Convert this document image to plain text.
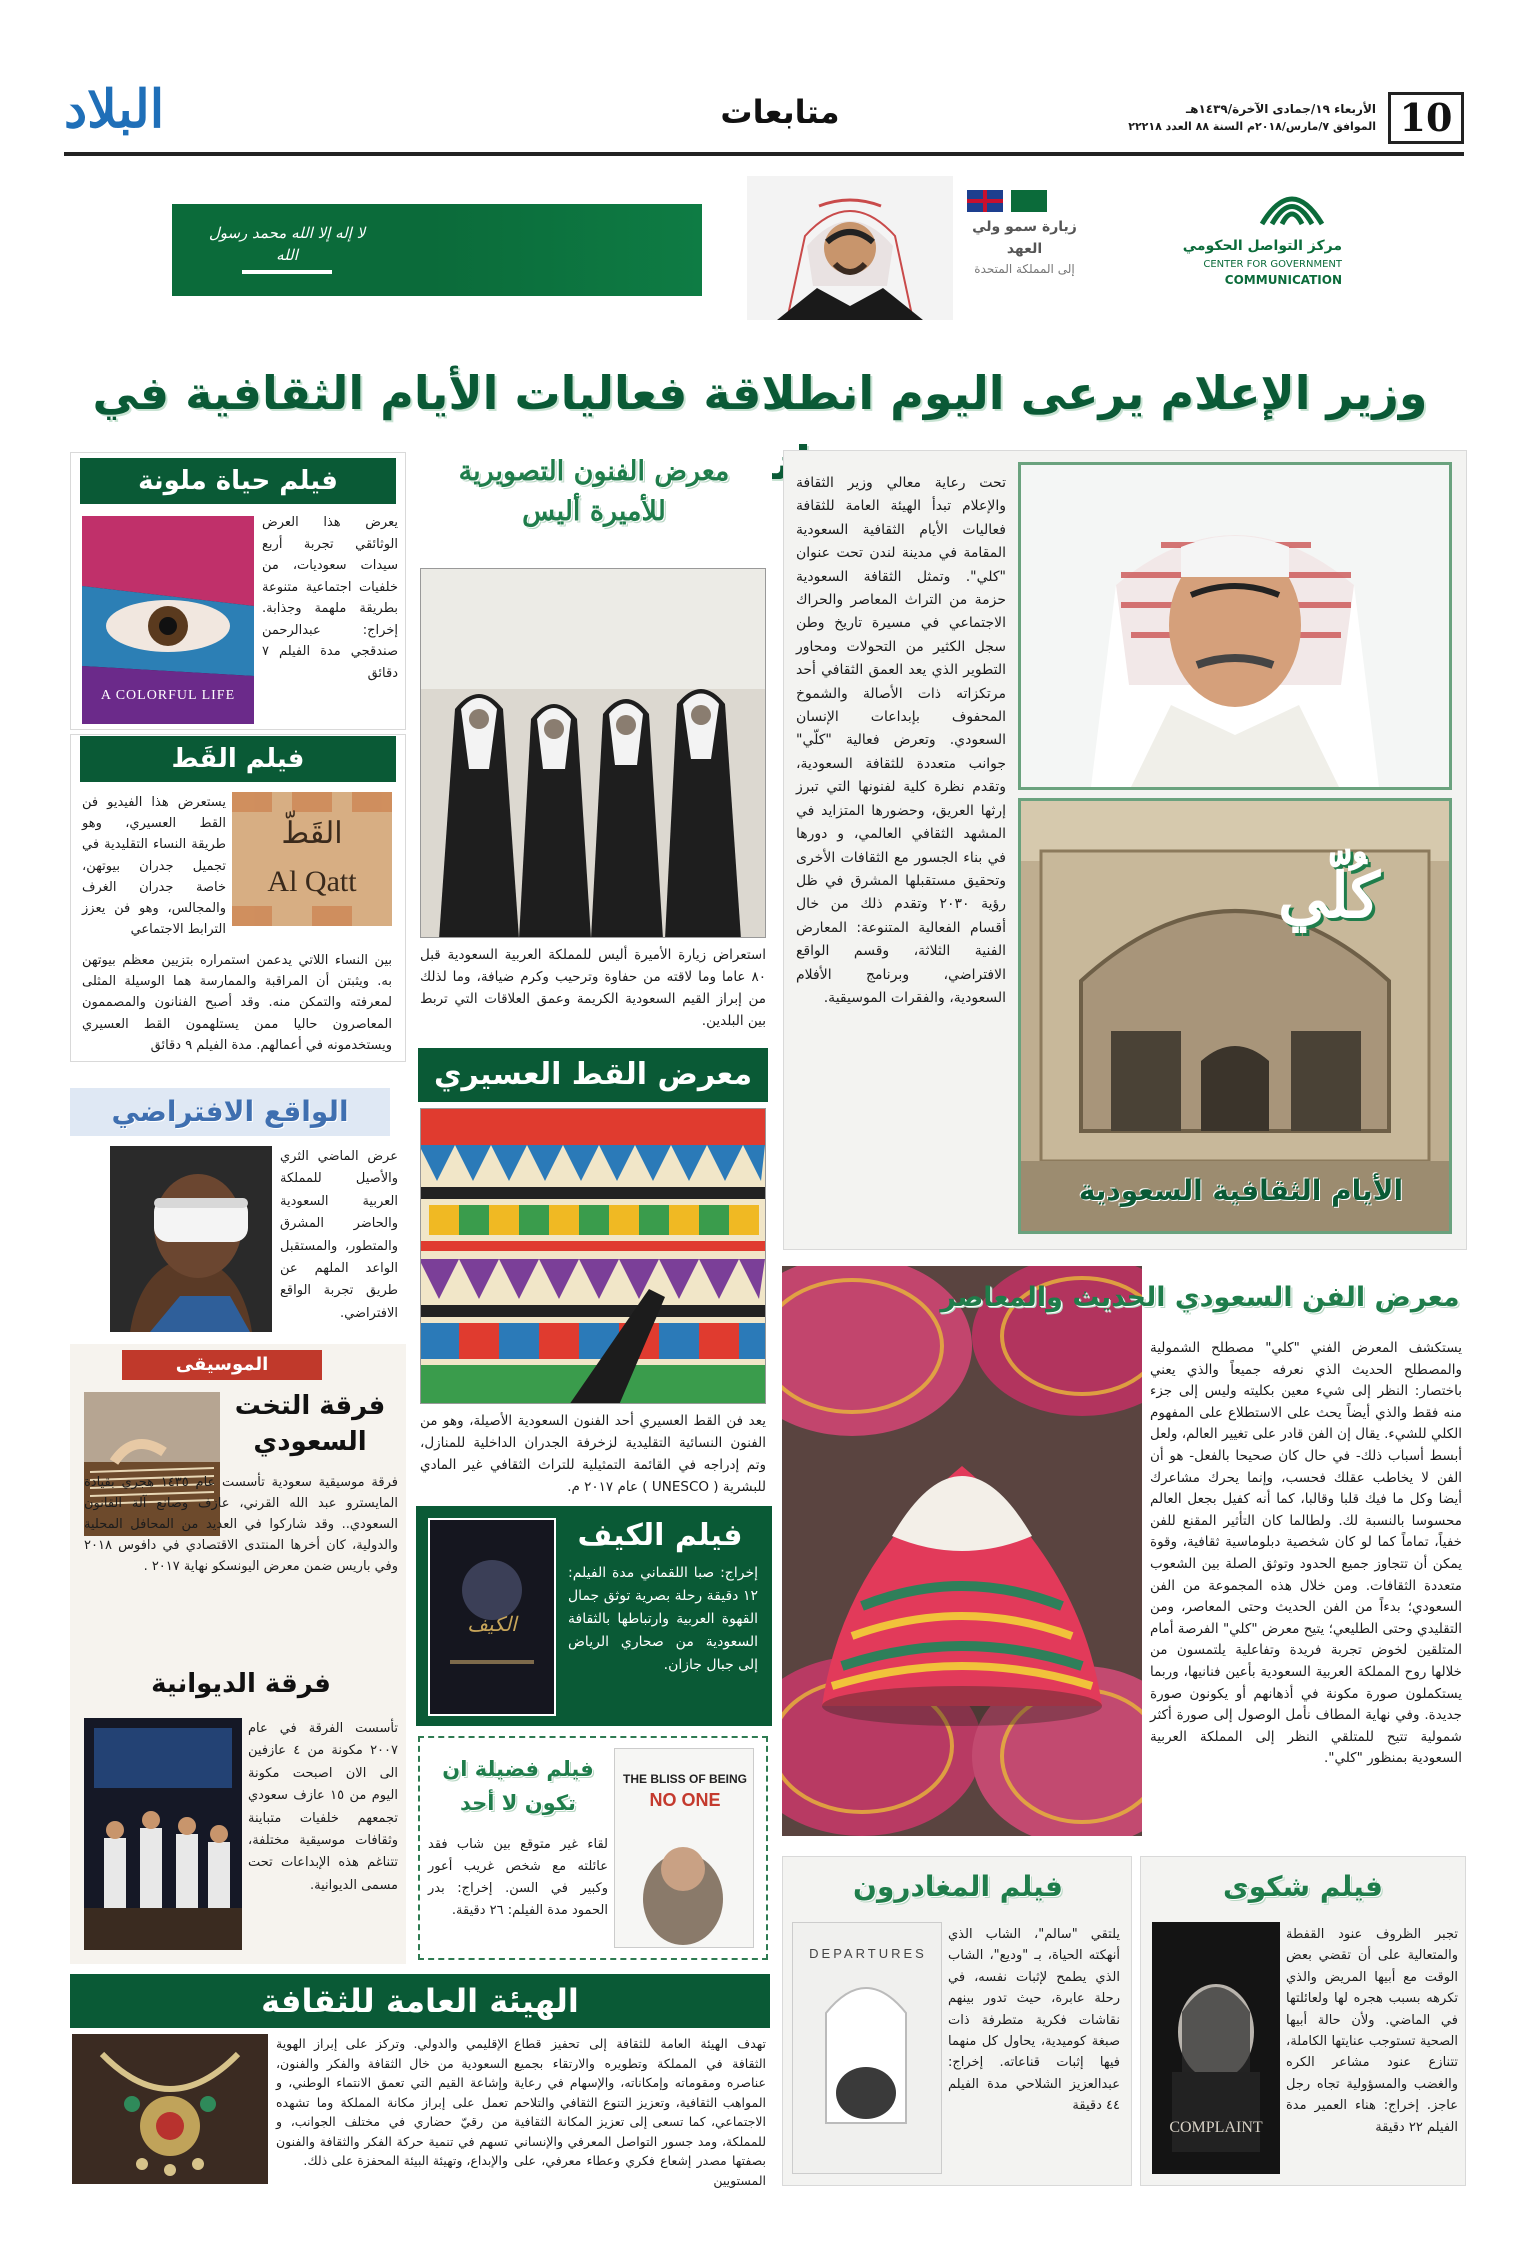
10
الأربعاء ١٩/جمادى الآخرة/١٤٣٩هـ
الموافق ٧/مارس/٢٠١٨م السنة ٨٨ العدد ٢٢٢١٨
متابعات
البلاد
لا إله إلا الله محمد رسول الله
زيارة سمو ولي العهد
إلى المملكة المتحدة
مركز التواصل الحكومي
CENTER FOR GOVERNMENT
COMMUNICATION
وزير الإعلام يرعى اليوم انطلاقة فعاليات الأيام الثقافية في
تحت رعاية معالي وزير الثقافة والإعلام تبدأ الهيئة العامة للثقافة فعاليات الأيام الثقافية السعودية المقامة في مدينة لندن تحت عنوان "كلي". وتمثل الثقافة السعودية حزمة من التراث المعاصر والحراك الاجتماعي في مسيرة تاريخ وطن سجل الكثير من التحولات ومحاور التطوير الذي يعد العمق الثقافي أحد مرتكزاته ذات الأصالة والشموخ المحفوف بإبداعات الإنسان السعودي. وتعرض فعالية "كلّي" جوانب متعددة للثقافة السعودية، وتقدم نظرة كلية لفنونها التي تبرز إرثها العريق، وحضورها المتزايد في المشهد الثقافي العالمي، و دورها في بناء الجسور مع الثقافات الأخرى وتحقيق مستقبلها المشرق في ظل رؤية ٢٠٣٠ وتقدم ذلك من خال أقسام الفعالية المتنوعة: المعارض الفنية الثلاثة، وقسم الواقع الافتراضي، وبرنامج الأفلام السعودية، والفقرات الموسيقية.
كُلّي
الأيام الثقافية السعودية
معرض الفنون التصويرية
للأميرة أليس
استعراض زيارة الأميرة أليس للمملكة العربية السعودية قبل ٨٠ عاما وما لاقته من حفاوة وترحيب وكرم ضيافة، وما لذلك من إبراز القيم السعودية الكريمة وعمق العلاقات التي تربط بين البلدين.
معرض القط العسيري
يعد فن القط العسيري أحد الفنون السعودية الأصيلة، وهو من الفنون النسائية التقليدية لزخرفة الجدران الداخلية للمنازل، وتم إدراجه في القائمة التمثيلية للتراث الثقافي غير المادي للبشرية ( UNESCO ) عام ٢٠١٧ م.
فيلم الكيف
الكيف
إخراج: صبا اللقماني مدة الفيلم: ١٢ دقيقة رحلة بصرية توثق جمال القهوة العربية وارتباطها بالثقافة السعودية من صحاري الرياض إلى جبال جازان.
THE BLISS OF BEING
NO ONE
فيلم فضيلة ان
تكون لا أحد
لقاء غير متوقع بين شاب فقد عائلته مع شخص غريب أعور وكبير في السن. إخراج: بدر الحمود مدة الفيلم: ٢٦ دقيقة.
فيلم حياة ملونة
A COLORFUL LIFE
يعرض هذا العرض الوثائقي تجربة أربع سيدات سعوديات، من خلفيات اجتماعية متنوعة بطريقة ملهمة وجذابة. إخراج: عبدالرحمن صندقجي مدة الفيلم ٧ دقائق
فيلم القَط
القَطّ
Al Qatt
يستعرض هذا الفيديو فن القط العسيري، وهو طريقة النساء التقليدية في تجميل جدران بيوتهن، خاصة جدران الغرف والمجالس، وهو فن يعزز الترابط الاجتماعي
بين النساء اللاتي يدعمن استمراره بتزيين معظم بيوتهن به. ويثبتن أن المراقبة والممارسة هما الوسيلة المثلى لمعرفته والتمكن منه. وقد أصبح الفنانون والمصممون المعاصرون حاليا ممن يستلهمون القط العسيري ويستخدمونه في أعمالهم. مدة الفيلم ٩ دقائق
الواقع الافتراضي
عرض الماضي الثري والأصيل للمملكة العربية السعودية والحاضر المشرق والمتطور، والمستقبل الواعد الملهم عن طريق تجربة الواقع الافتراضي.
الموسيقى
فرقة التخت السعودي
فرقة موسيقية سعودية تأسست عام ١٤٣٥ هجري بقيادة المايسترو عبد الله القرني، عازف وصانع آلة القانون السعودي.. وقد شاركوا في العديد من المحافل المحلية والدولية، كان أخرها المنتدى الاقتصادي في دافوس ٢٠١٨ وفي باريس ضمن معرض اليونسكو نهاية ٢٠١٧ .
فرقة الديوانية
تأسست الفرقة في عام ٢٠٠٧ مكونة من ٤ عازفين الى الان اصبحت مكونة اليوم من ١٥ عازف سعودي تجمعهم خلفيات متباينة وثقافات موسيقية مختلفة، تتناغم هذه الإبداعات تحت مسمى الديوانية.
معرض الفن السعودي الحديث والمعاصر
يستكشف المعرض الفني "كلي" مصطلح الشمولية والمصطلح الحديث الذي نعرفه جميعاً والذي يعني باختصار: النظر إلى شيء معين بكليته وليس إلى جزء منه فقط والذي أيضاً يحث على الاستطلاع على المفهوم الكلي للشيء. يقال إن الفن قادر على تغيير العالم، ولعل أبسط أسباب ذلك- في حال كان صحيحا بالفعل- هو أن الفن لا يخاطب عقلك فحسب، وإنما يحرك مشاعرك أيضا وكل ما فيك قلبا وقالبا، كما أنه كفيل بجعل العالم محسوسا بالنسبة لك. ولطالما كان التأثير المقنع للفن خفياً، تماماً كما لو كان شخصية دبلوماسية ثقافية، وقوة يمكن أن تتجاوز جميع الحدود وتوثق الصلة بين الشعوب متعددة الثقافات. ومن خلال هذه المجموعة من الفن السعودي؛ بدءاً من الفن الحديث وحتى المعاصر، ومن التقليدي وحتى الطليعي؛ يتيح معرض "كلي" الفرصة أمام المتلقين لخوض تجربة فريدة وتفاعلية يلتمسون من خلالها روح المملكة العربية السعودية بأعين فنانيها، وربما يستكملون صورة مكونة في أذهانهم أو يكونون صورة جديدة. وفي نهاية المطاف نأمل الوصول إلى صورة أكثر شمولية تتيح للمتلقي النظر إلى المملكة العربية السعودية بمنظور "كلي".
فيلم المغادرون
DEPARTURES
يلتقي "سالم"، الشاب الذي أنهكته الحياة، بـ "وديع"، الشاب الذي يطمح لإثبات نفسه، في رحلة عابرة، حيث تدور بينهم نقاشات فكرية متطرفة ذات صبغة كوميدية، يحاول كل منهما فيها إثبات قناعاته. إخراج: عبدالعزيز الشلاحي مدة الفيلم ٤٤ دقيقة
فيلم شكوى
COMPLAINT
تجبر الظروف عنود القفطة والمتعالية على أن تقضي بعض الوقت مع أبيها المريض والذي تكرهه بسبب هجره لها ولعائلتها في الماضي. ولأن حالة أبيها الصحية تستوجب عنايتها الكاملة، تتنازع عنود مشاعر الكره والغضب والمسؤولية تجاه رجل عاجز. إخراج: هناء العمير مدة الفيلم ٢٢ دقيقة
الهيئة العامة للثقافة
تهدف الهيئة العامة للثقافة إلى تحفيز قطاع الثقافة في المملكة وتطويره والارتقاء بجميع عناصره ومقوماته وإمكاناته، والإسهام في رعاية المواهب الثقافية، وتعزيز التنوع الثقافي والتلاحم الاجتماعي، كما تسعى إلى تعزيز المكانة الثقافية للمملكة، ومد جسور التواصل المعرفي والإنساني بصفتها مصدر إشعاع فكري وعطاء معرفي، على المستويين
الإقليمي والدولي. وتركز على إبراز الهوية السعودية من خال الثقافة والفكر والفنون، وإشاعة القيم التي تعمق الانتماء الوطني، و تعمل على إبراز مكانة المملكة وما تشهده من رقيّ حضاري في مختلف الجوانب، و تسهم في تنمية حركة الفكر والثقافة والفنون والإبداع، وتهيئة البيئة المحفزة على ذلك.
